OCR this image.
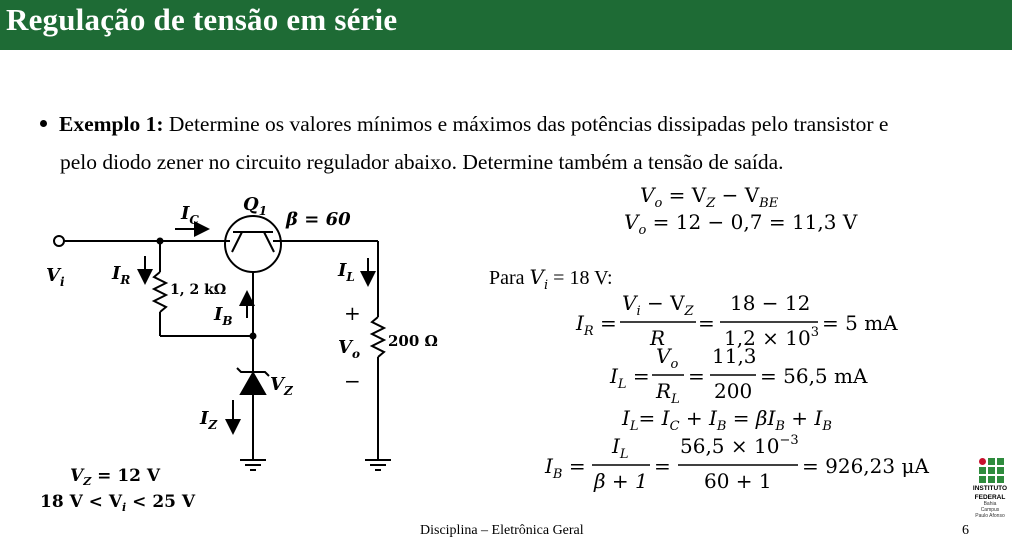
Regulação de tensão em série
Exemplo 1: Determine os valores mínimos e máximos das potências dissipadas pelo transistor e
pelo diodo zener no circuito regulador abaixo. Determine também a tensão de saída.
$I_C$
$Q_1$ β = 60
$V_i$	$I_R$
1, 2 kΩ
$I_B$
$I_L$
+
$V_o$
200 Ω
−
$V_Z$
$I_Z$
$V_Z = 12$ V
18 $V < V_i < 25$ V
$V_o = V_Z - V_{BE}$
$V_o = 12 - 0,7 = 11,3$ V
Para $V_i = 18$ V:
$I_R$ =
$V_i - V_Z$
R
=
18 − 12
$1,2 \times 10^3 = 5$ mA
$I_L$ =
$V_o$
$R_L$
=
11,3
200
= 56,5 mA
$I_L= I_C + I_B = \beta I_B + I_B$
$I_B$ =
$I_L$
β + 1
=
$56,5 \times 10^{-3}$
60 + 1
= 926,23 μA
Disciplina – Eletrônica Geral	6
INSTITUTO
FEDERAL
Bahia
Campus
Paulo Afonso
